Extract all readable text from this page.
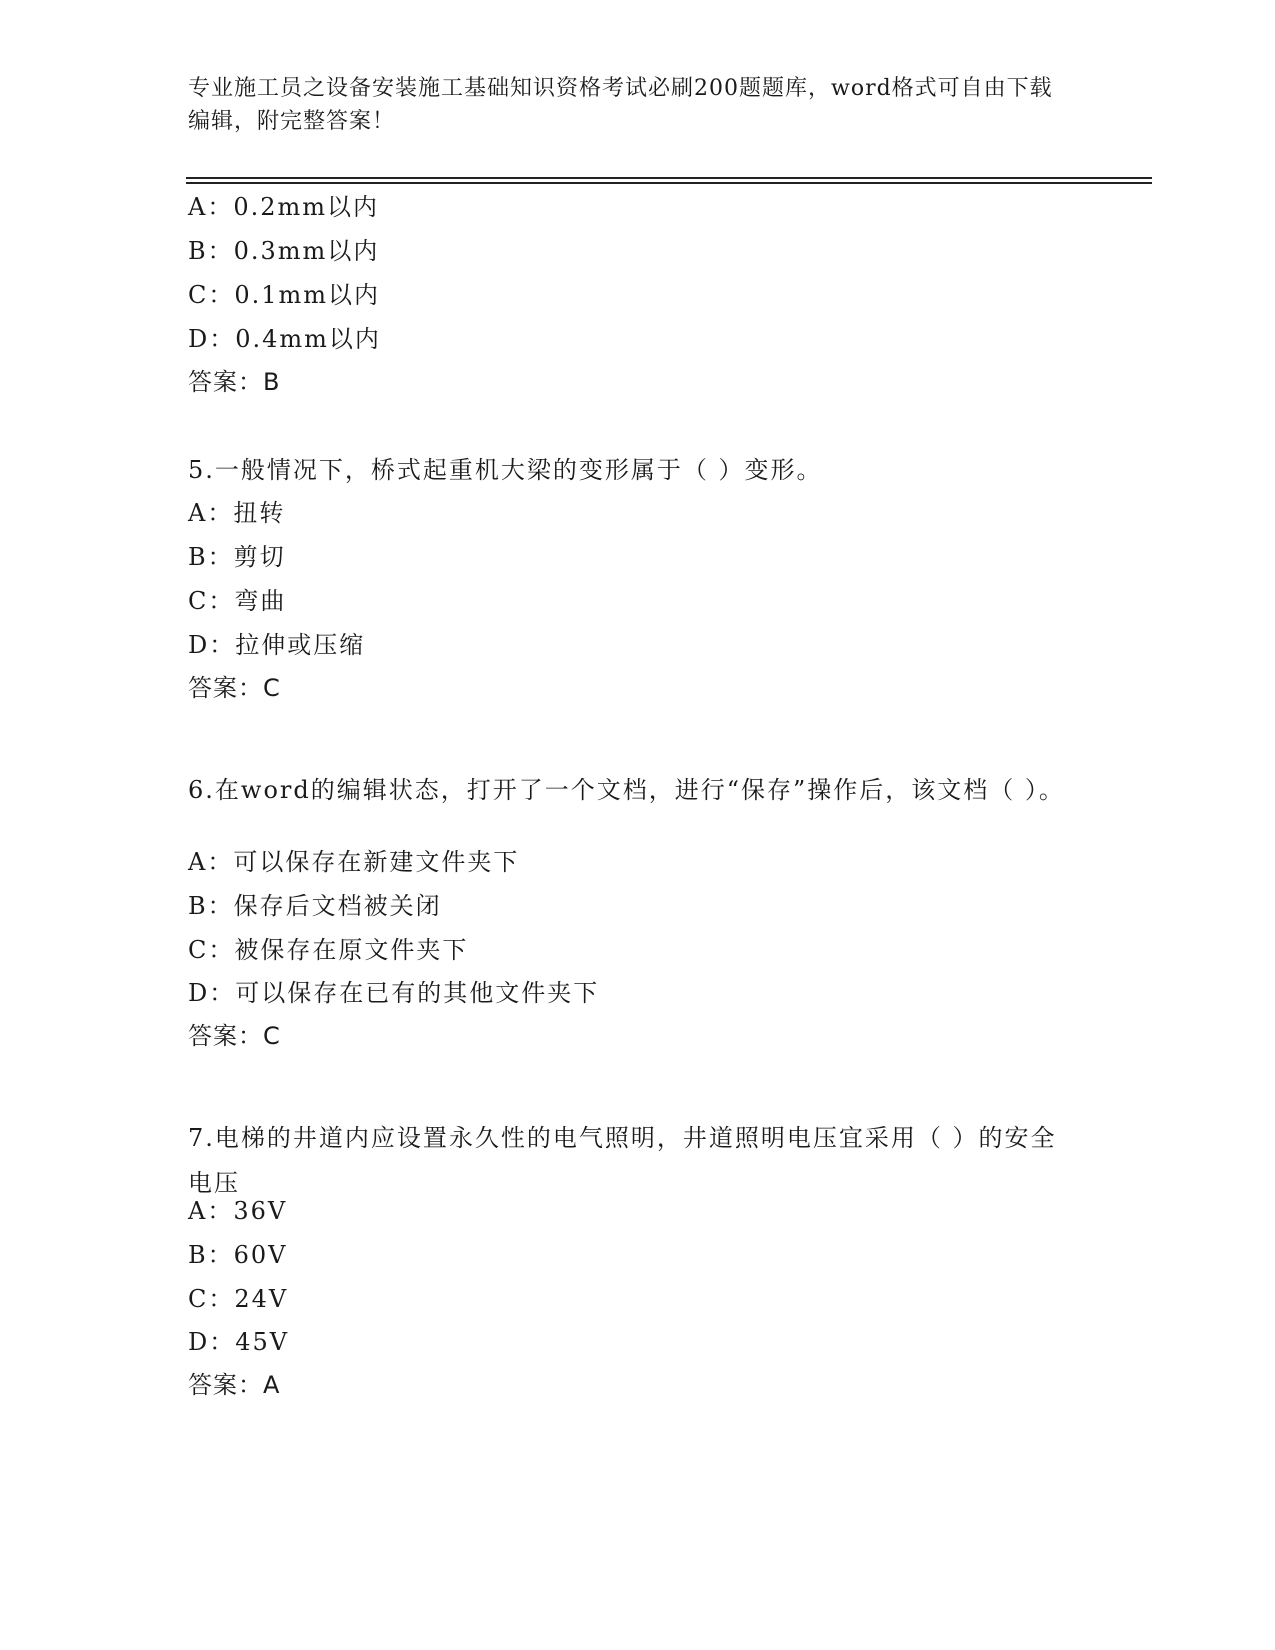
专业施工员之设备安装施工基础知识资格考试必刷200题题库，word格式可自由下载编辑，附完整答案！
A：0.2mm以内
B：0.3mm以内
C：0.1mm以内
D：0.4mm以内
答案：B
5.一般情况下，桥式起重机大梁的变形属于（ ）变形。
A：扭转
B：剪切
C：弯曲
D：拉伸或压缩
答案：C
6.在word的编辑状态，打开了一个文档，进行“保存”操作后，该文档（ ）。
A：可以保存在新建文件夹下
B：保存后文档被关闭
C：被保存在原文件夹下
D：可以保存在已有的其他文件夹下
答案：C
7.电梯的井道内应设置永久性的电气照明，井道照明电压宜采用（ ）的安全电压
A：36V
B：60V
C：24V
D：45V
答案：A
